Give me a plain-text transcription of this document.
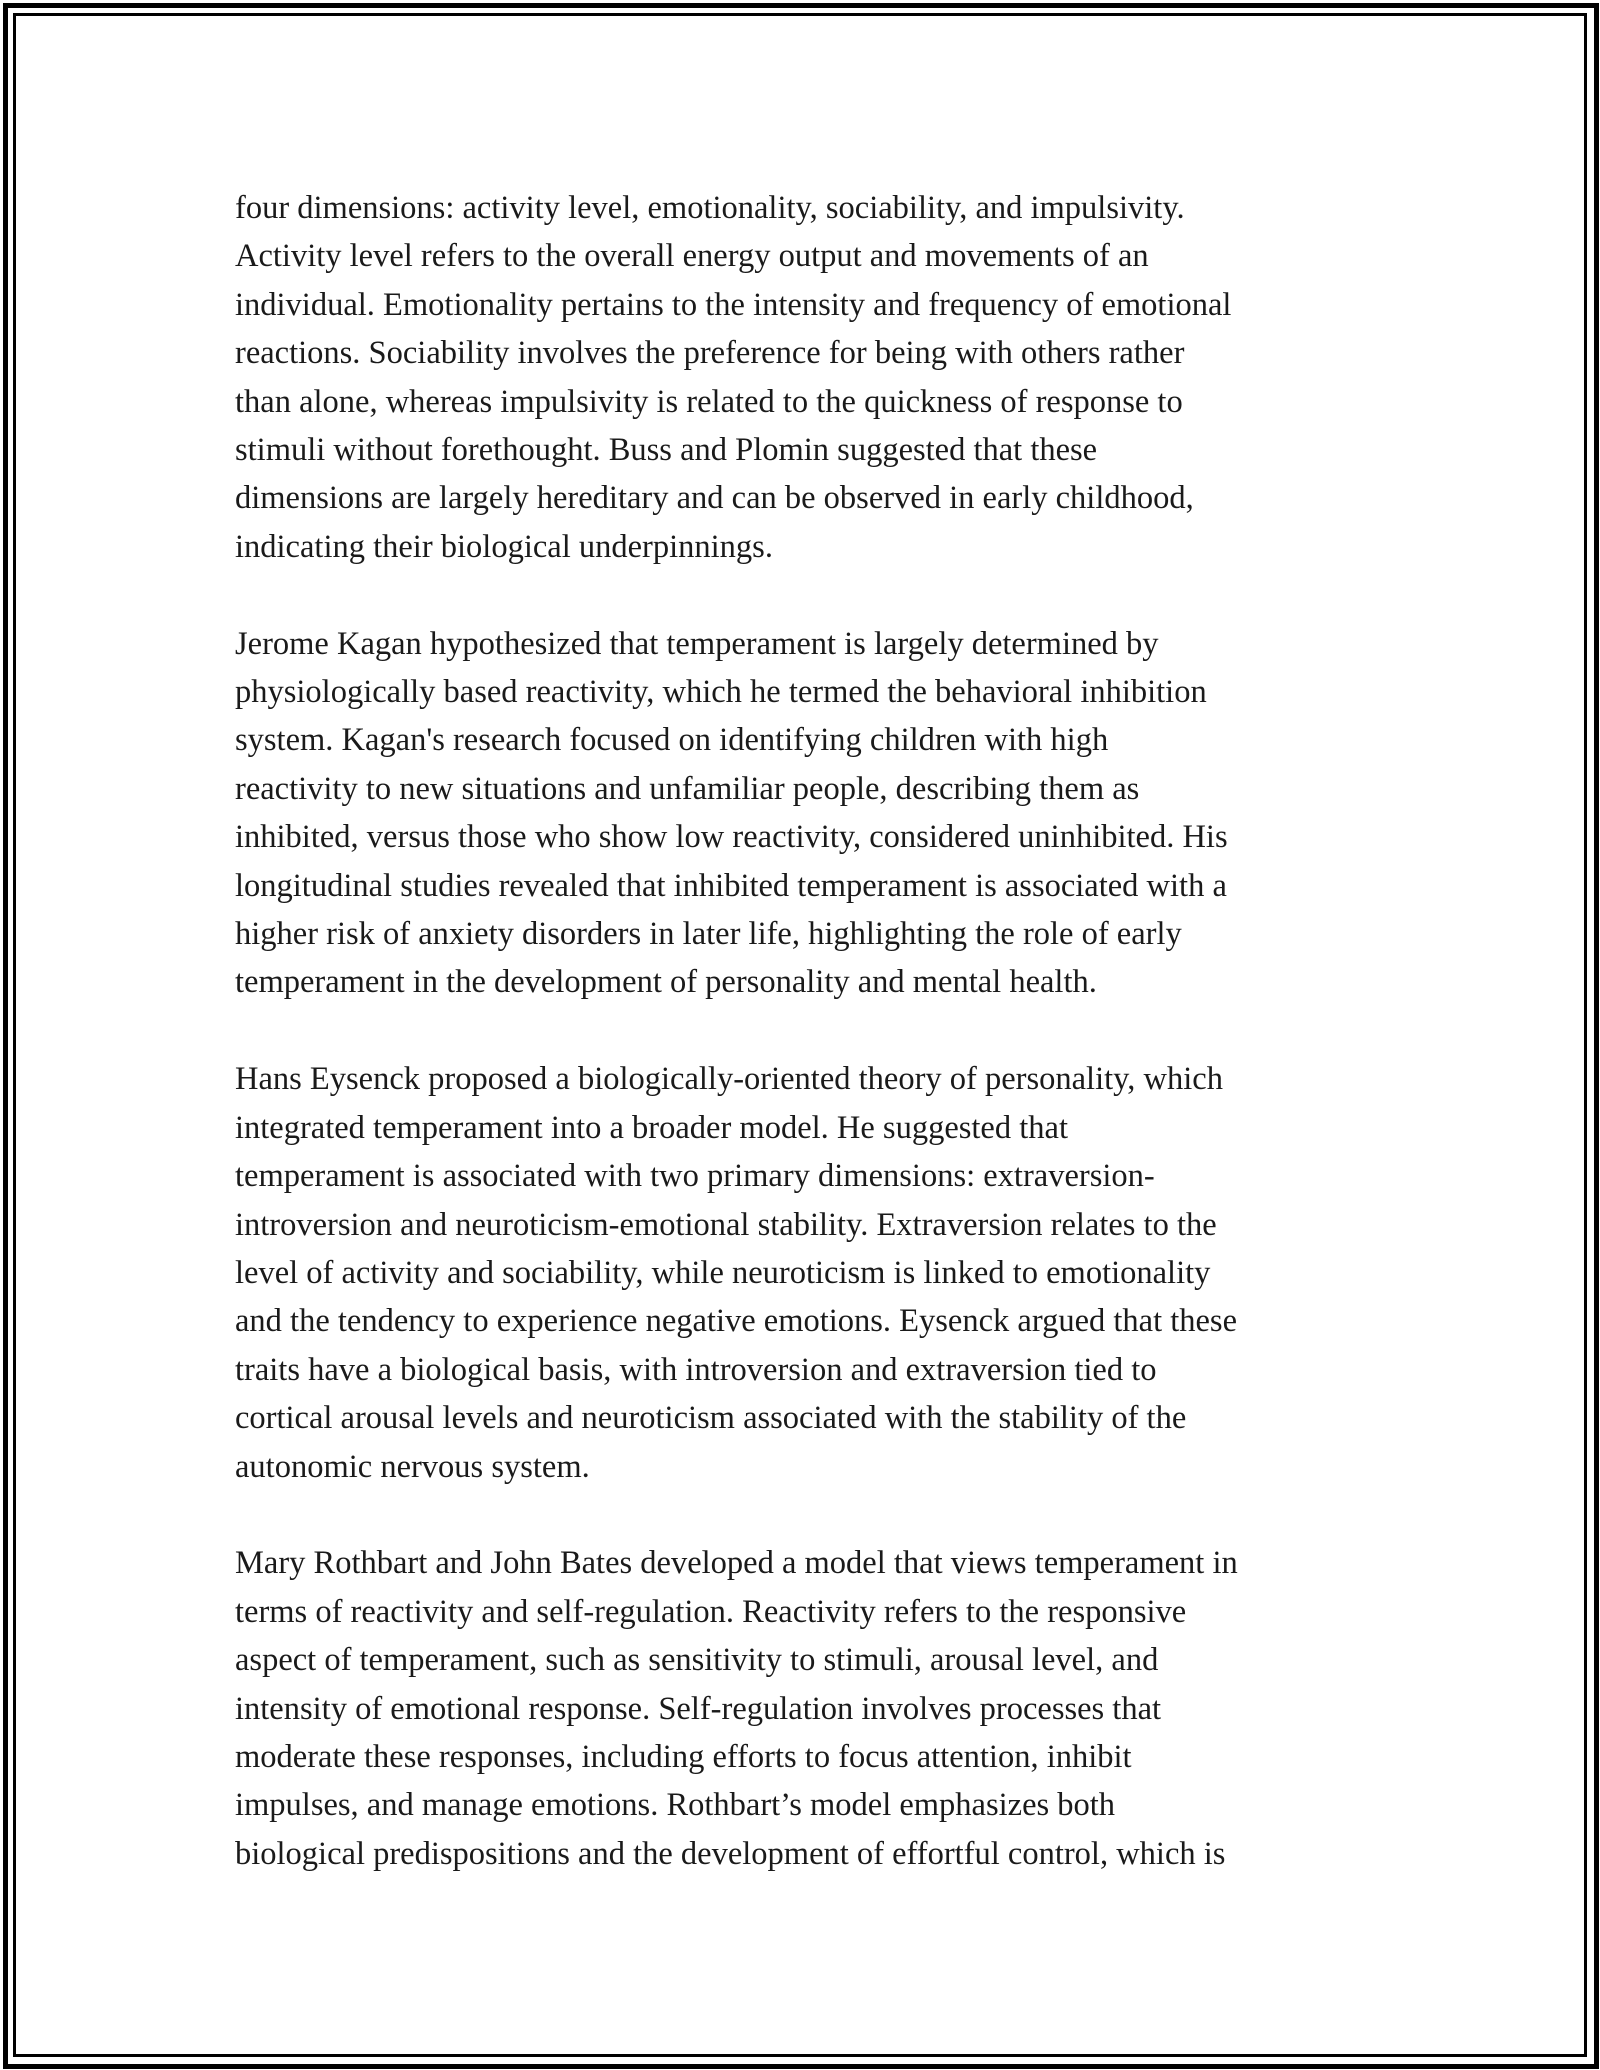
four dimensions: activity level, emotionality, sociability, and impulsivity.
Activity level refers to the overall energy output and movements of an
individual. Emotionality pertains to the intensity and frequency of emotional
reactions. Sociability involves the preference for being with others rather
than alone, whereas impulsivity is related to the quickness of response to
stimuli without forethought. Buss and Plomin suggested that these
dimensions are largely hereditary and can be observed in early childhood,
indicating their biological underpinnings.

Jerome Kagan hypothesized that temperament is largely determined by
physiologically based reactivity, which he termed the behavioral inhibition
system. Kagan's research focused on identifying children with high
reactivity to new situations and unfamiliar people, describing them as
inhibited, versus those who show low reactivity, considered uninhibited. His
longitudinal studies revealed that inhibited temperament is associated with a
higher risk of anxiety disorders in later life, highlighting the role of early
temperament in the development of personality and mental health.

Hans Eysenck proposed a biologically-oriented theory of personality, which
integrated temperament into a broader model. He suggested that
temperament is associated with two primary dimensions: extraversion-
introversion and neuroticism-emotional stability. Extraversion relates to the
level of activity and sociability, while neuroticism is linked to emotionality
and the tendency to experience negative emotions. Eysenck argued that these
traits have a biological basis, with introversion and extraversion tied to
cortical arousal levels and neuroticism associated with the stability of the
autonomic nervous system.

Mary Rothbart and John Bates developed a model that views temperament in
terms of reactivity and self-regulation. Reactivity refers to the responsive
aspect of temperament, such as sensitivity to stimuli, arousal level, and
intensity of emotional response. Self-regulation involves processes that
moderate these responses, including efforts to focus attention, inhibit
impulses, and manage emotions. Rothbart’s model emphasizes both
biological predispositions and the development of effortful control, which is
